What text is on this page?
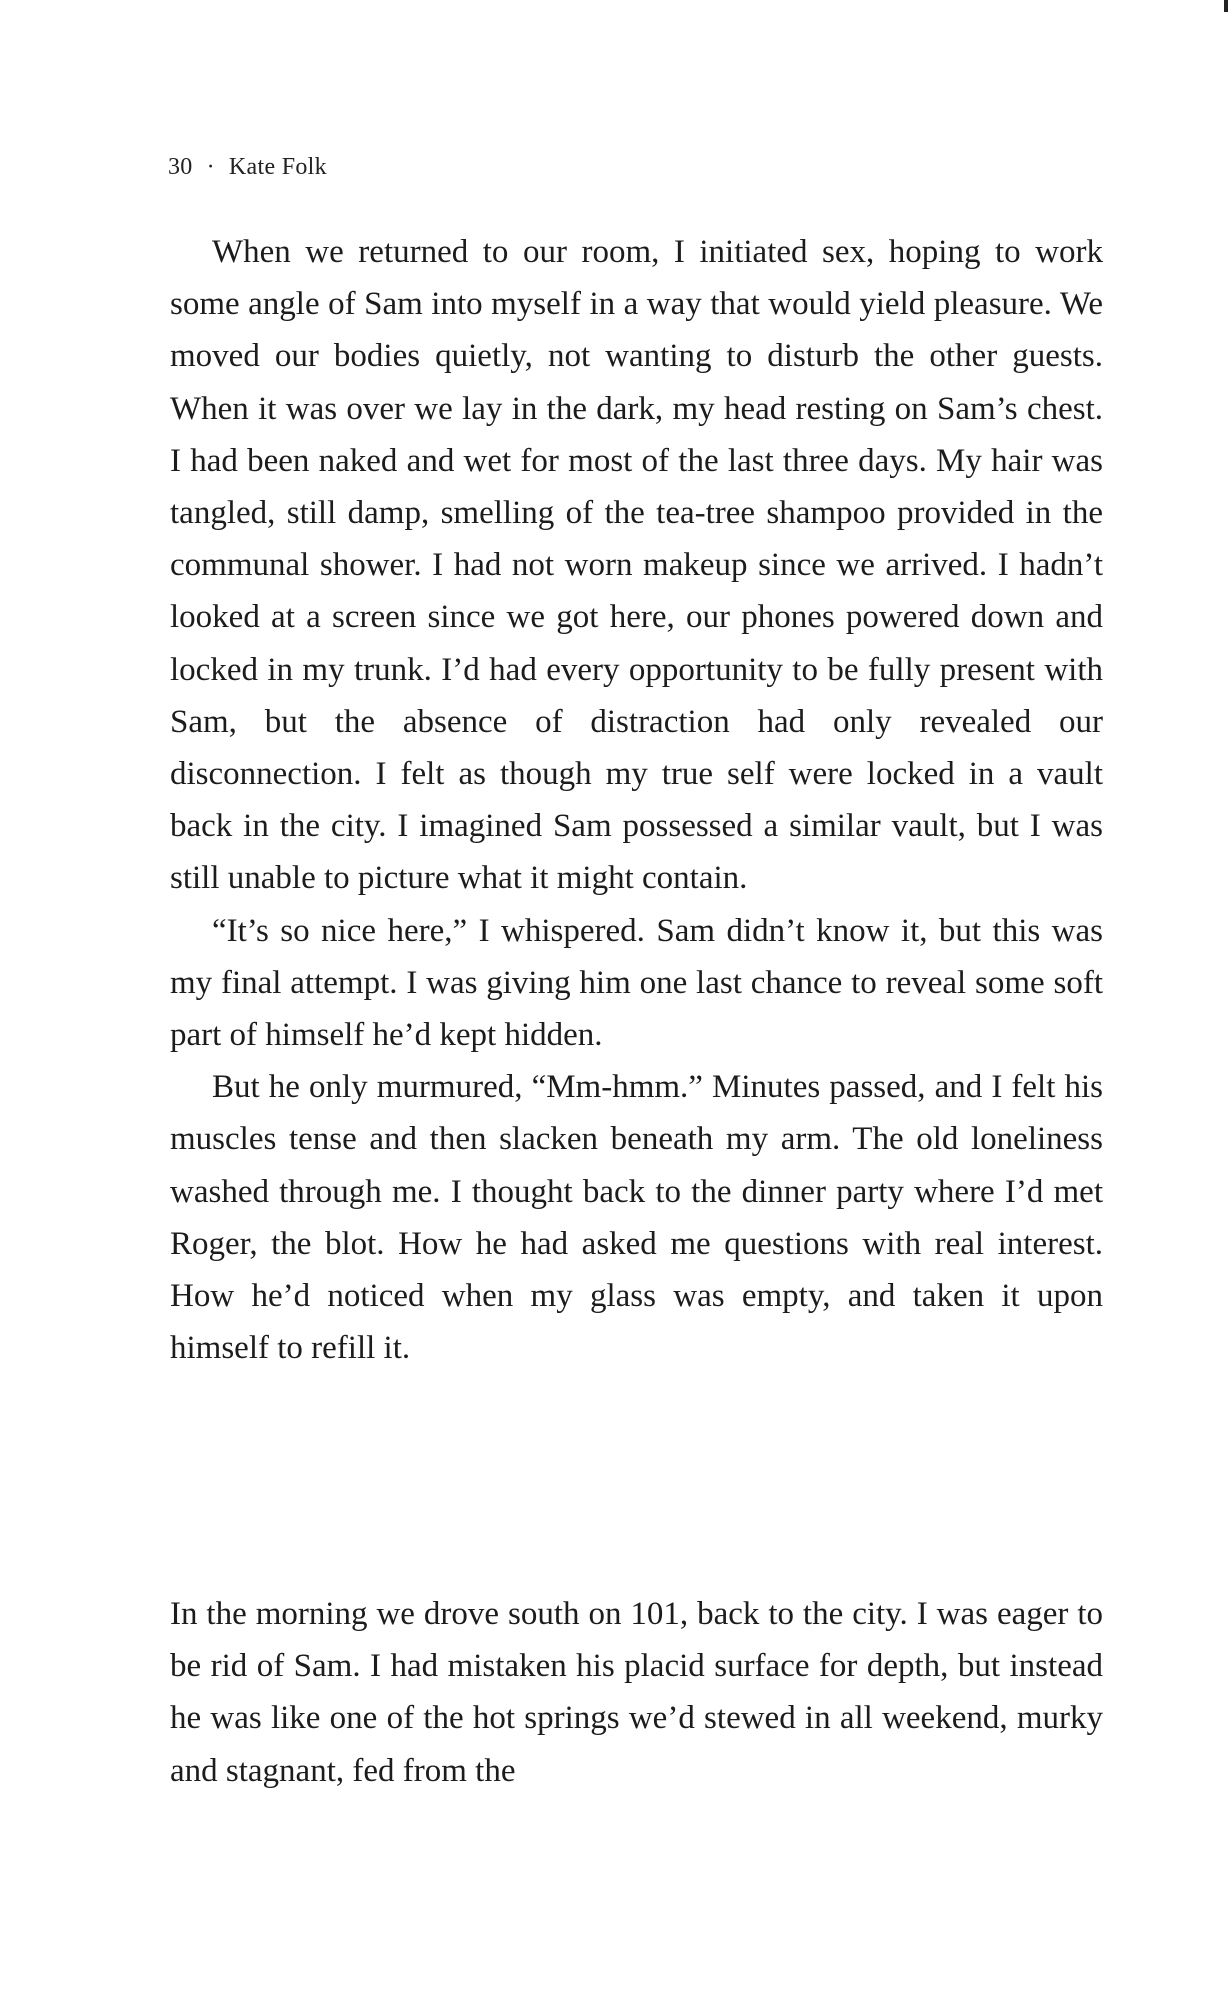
30 · Kate Folk

When we returned to our room, I initiated sex, hoping to work some angle of Sam into myself in a way that would yield pleasure. We moved our bodies quietly, not wanting to disturb the other guests. When it was over we lay in the dark, my head resting on Sam’s chest. I had been naked and wet for most of the last three days. My hair was tangled, still damp, smelling of the tea-tree shampoo provided in the communal shower. I had not worn makeup since we arrived. I hadn’t looked at a screen since we got here, our phones powered down and locked in my trunk. I’d had every opportunity to be fully present with Sam, but the absence of distraction had only revealed our disconnection. I felt as though my true self were locked in a vault back in the city. I imagined Sam possessed a similar vault, but I was still unable to picture what it might contain.

“It’s so nice here,” I whispered. Sam didn’t know it, but this was my final attempt. I was giving him one last chance to reveal some soft part of himself he’d kept hidden.

But he only murmured, “Mm-hmm.” Minutes passed, and I felt his muscles tense and then slacken beneath my arm. The old loneliness washed through me. I thought back to the dinner party where I’d met Roger, the blot. How he had asked me questions with real interest. How he’d noticed when my glass was empty, and taken it upon himself to refill it.

In the morning we drove south on 101, back to the city. I was eager to be rid of Sam. I had mistaken his placid surface for depth, but instead he was like one of the hot springs we’d stewed in all weekend, murky and stagnant, fed from the
